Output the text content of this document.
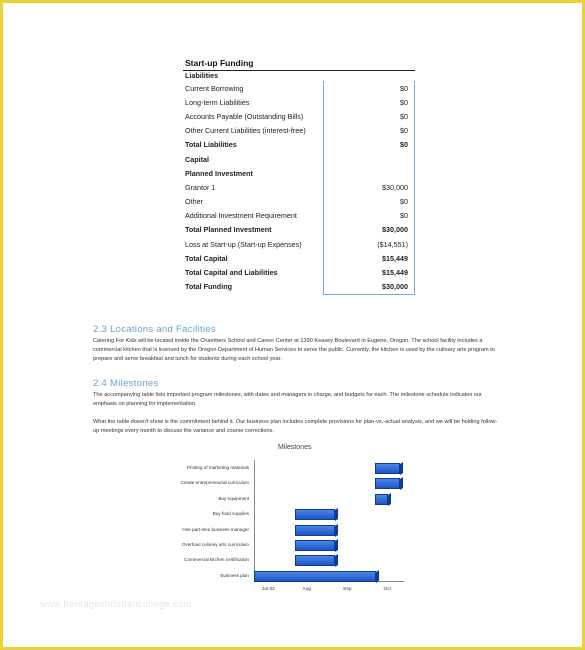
Start-up Funding
Liabilities
Current Borrowing	$0
Long-term Liabilities	$0
Accounts Payable (Outstanding Bills)	$0
Other Current Liabilities (interest-free)	$0
Total Liabilities	$0
Capital	
Planned Investment	
Grantor 1	$30,000
Other	$0
Additional Investment Requirement	$0
Total Planned Investment	$30,000
Loss at Start-up (Start-up Expenses)	($14,551)
Total Capital	$15,449
Total Capital and Liabilities	$15,449
Total Funding	$30,000
2.3 Locations and Facilities
Catering For Kids will be located inside the Chambers School and Career Center at 1390 Keasey Boulevard in Eugene, Oregon. The school facility includes a commercial kitchen that is licensed by the Oregon Department of Human Services to serve the public. Currently, the kitchen is used by the culinary arts program to prepare and serve breakfast and lunch for students during each school year.
2.4 Milestones
The accompanying table lists important program milestones, with dates and managers in charge, and budgets for each. The milestone schedule indicates our emphasis on planning for implementation.
What the table doesn't show is the commitment behind it. Our business plan includes complete provisions for plan-vs.-actual analysis, and we will be holding follow-up meetings every month to discuss the variance and course corrections.
Milestones
Printing of marketing materials
Create entrepreneurial curriculum
Buy equipment
Buy food supplies
Hire part-time business manager
Overhaul culinary arts curriculum
Commercial kitchen certification
Business plan
Jul 02	Aug	Sep	Oct
www.heritagechristiancollege.com
